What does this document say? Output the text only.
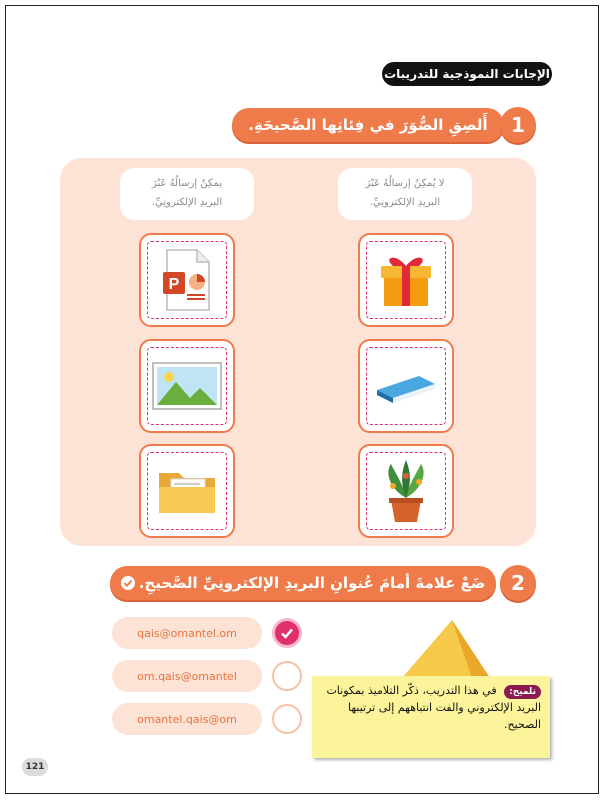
الإجابات النموذجية للتدريبات
أَلصِقِ الصُّوَرَ في فِئاتِها الصَّحيحَةِ.	1
يمكِنُ إرسالُهُ عَبْرَ
البريدِ الإلكترونِيِّ.
لا يُمكِنُ إرسالُهُ عَبْرَ
البريدِ الإلكترونِيِّ.
P
ضَعْ علامةَ أمامَ عُنوانِ البريدِ الإلكترونِيِّ الصَّحيحِ.	2
qais@omantel.om
om.qais@omantel
omantel.qais@om
تلميح: في هذا التدريب، ذكّر التلاميذ بمكونات البريد الإلكتروني والفت انتباههم إلى ترتيبها الصحيح.
121
